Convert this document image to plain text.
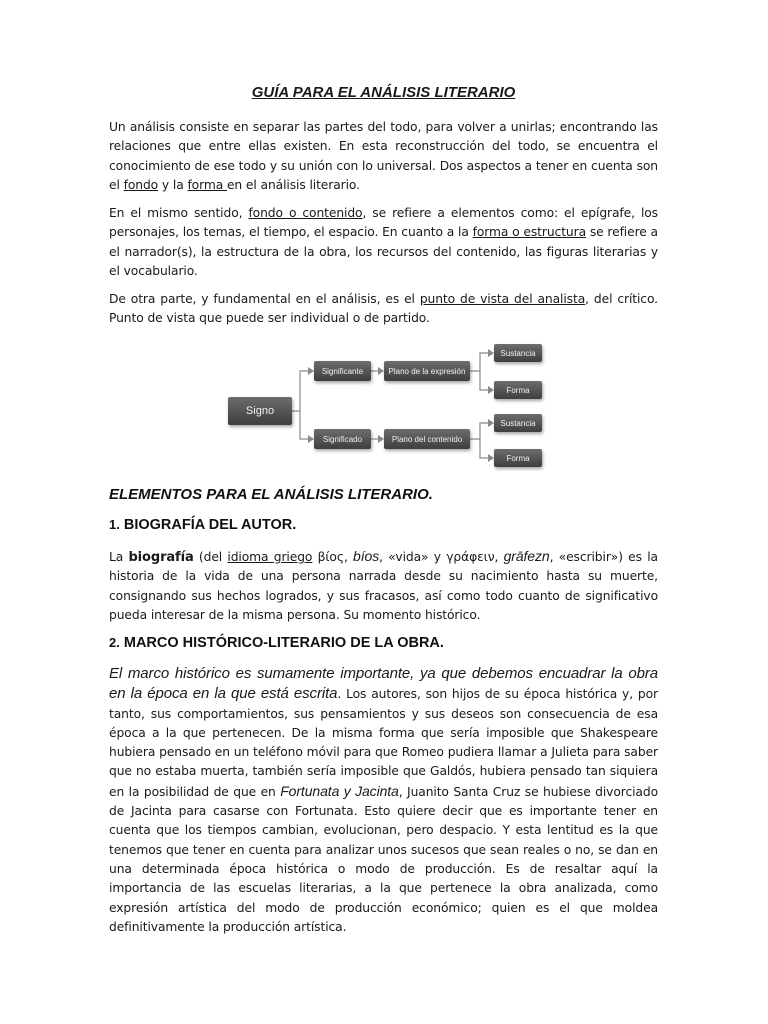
GUÍA PARA EL ANÁLISIS LITERARIO

Un análisis consiste en separar las partes del todo, para volver a unirlas; encontrando las relaciones que entre ellas existen. En esta reconstrucción del todo, se encuentra el conocimiento de ese todo y su unión con lo universal. Dos aspectos a tener en cuenta son el fondo y la forma en el análisis literario.

En el mismo sentido, fondo o contenido, se refiere a elementos como: el epígrafe, los personajes, los temas, el tiempo, el espacio. En cuanto a la forma o estructura se refiere a el narrador(s), la estructura de la obra, los recursos del contenido, las figuras literarias y el vocabulario.

De otra parte, y fundamental en el análisis, es el punto de vista del analista, del crítico. Punto de vista que puede ser individual o de partido.

ELEMENTOS PARA EL ANÁLISIS LITERARIO.
1. BIOGRAFÍA DEL AUTOR.

La biografía (del idioma griego βίος, bíos, «vida» y γράφειν, grāfezn, «escribir») es la historia de la vida de una persona narrada desde su nacimiento hasta su muerte, consignando sus hechos logrados, y sus fracasos, así como todo cuanto de significativo pueda interesar de la misma persona. Su momento histórico.

2. MARCO HISTÓRICO-LITERARIO DE LA OBRA.

El marco histórico es sumamente importante, ya que debemos encuadrar la obra en la época en la que está escrita. Los autores, son hijos de su época histórica y, por tanto, sus comportamientos, sus pensamientos y sus deseos son consecuencia de esa época a la que pertenecen. De la misma forma que sería imposible que Shakespeare hubiera pensado en un teléfono móvil para que Romeo pudiera llamar a Julieta para saber que no estaba muerta, también sería imposible que Galdós, hubiera pensado tan siquiera en la posibilidad de que en Fortunata y Jacinta, Juanito Santa Cruz se hubiese divorciado de Jacinta para casarse con Fortunata. Esto quiere decir que es importante tener en cuenta que los tiempos cambian, evolucionan, pero despacio. Y esta lentitud es la que tenemos que tener en cuenta para analizar unos sucesos que sean reales o no, se dan en una determinada época histórica o modo de producción. Es de resaltar aquí la importancia de las escuelas literarias, a la que pertenece la obra analizada, como expresión artística del modo de producción económico; quien es el que moldea definitivamente la producción artística.

Signo
Significante
Significado
Plano de la expresión
Plano del contenido
Sustancia
Forma
Sustancia
Forma
